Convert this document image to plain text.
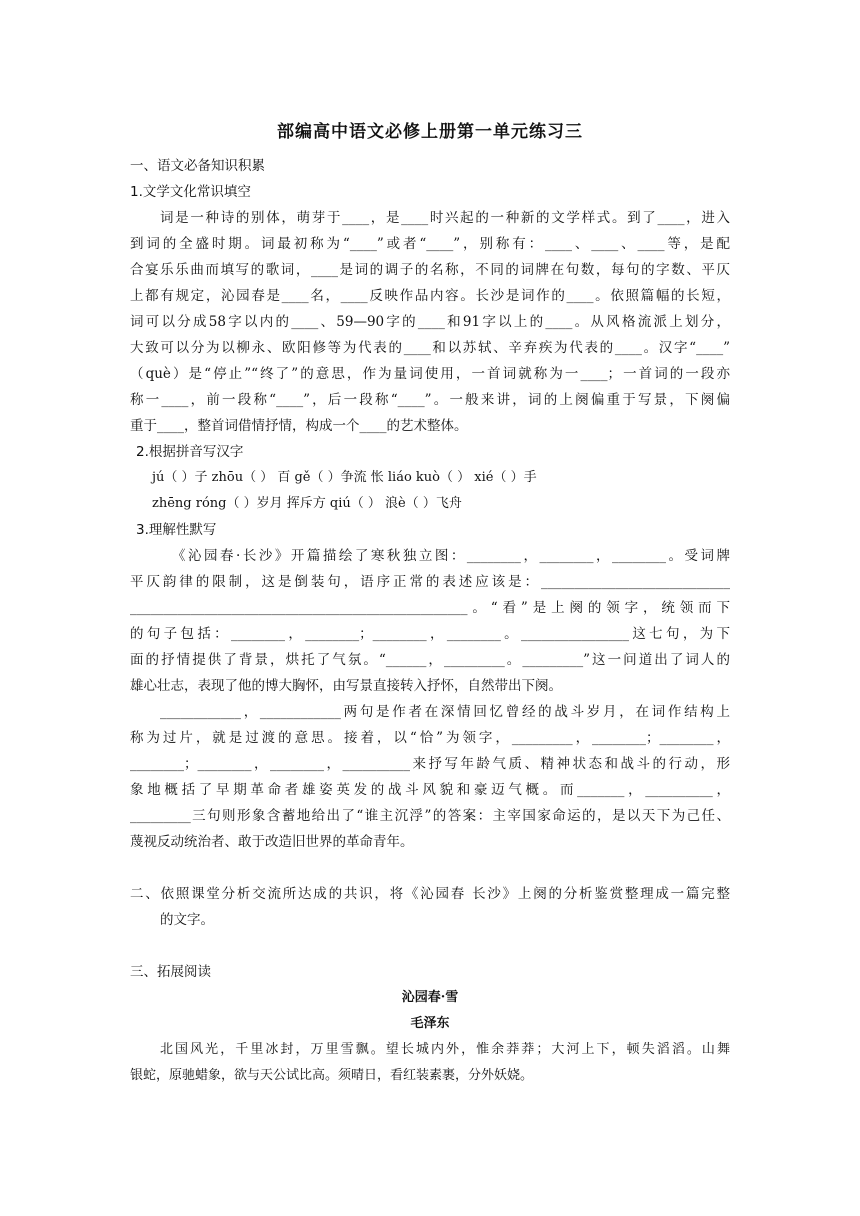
部编高中语文必修上册第一单元练习三
一、语文必备知识积累
1.文学文化常识填空
词是一种诗的别体，萌芽于____，是____时兴起的一种新的文学样式。到了____，进入
到词的全盛时期。词最初称为“____”或者“____”，别称有：____、____、____等，是配
合宴乐乐曲而填写的歌词，____是词的调子的名称，不同的词牌在句数，每句的字数、平仄
上都有规定，沁园春是____名，____反映作品内容。长沙是词作的____。依照篇幅的长短，
词可以分成58字以内的____、59—90字的____和91字以上的____。从风格流派上划分，
大致可以分为以柳永、欧阳修等为代表的____和以苏轼、辛弃疾为代表的____。汉字“____”
（què）是“停止”“终了”的意思，作为量词使用，一首词就称为一____；一首词的一段亦
称一____，前一段称“____”，后一段称“____”。一般来讲，词的上阕偏重于写景，下阕偏
重于____，整首词借情抒情，构成一个____的艺术整体。
2.根据拼音写汉字
jú（ ）子 zhōu（ ） 百 gě（ ）争流 怅 liáo kuò（ ） xié（ ）手
zhēng róng（ ）岁月 挥斥方 qiú（ ） 浪è（ ）飞舟
3.理解性默写
《沁园春·长沙》开篇描绘了寒秋独立图：________，________，________。受词牌
平仄韵律的限制，这是倒装句，语序正常的表述应该是：____________________________
__________________________________________________。“看”是上阕的领字，统领而下
的句子包括：________，________；________，________。________________这七句，为下
面的抒情提供了背景，烘托了气氛。“______，_________。_________”这一问道出了词人的
雄心壮志，表现了他的博大胸怀，由写景直接转入抒怀，自然带出下阕。
____________，____________两句是作者在深情回忆曾经的战斗岁月，在词作结构上
称为过片，就是过渡的意思。接着，以“恰”为领字，_________，________；________，
________；________，________，__________来抒写年龄气质、精神状态和战斗的行动，形
象地概括了早期革命者雄姿英发的战斗风貌和豪迈气概。而_______，__________，
_________三句则形象含蓄地给出了“谁主沉浮”的答案：主宰国家命运的，是以天下为己任、
蔑视反动统治者、敢于改造旧世界的革命青年。
二、依照课堂分析交流所达成的共识，将《沁园春 长沙》上阕的分析鉴赏整理成一篇完整
的文字。
三、拓展阅读
沁园春·雪
毛泽东
北国风光，千里冰封，万里雪飘。望长城内外，惟余莽莽；大河上下，顿失滔滔。山舞
银蛇，原驰蜡象，欲与天公试比高。须晴日，看红装素裹，分外妖娆。
